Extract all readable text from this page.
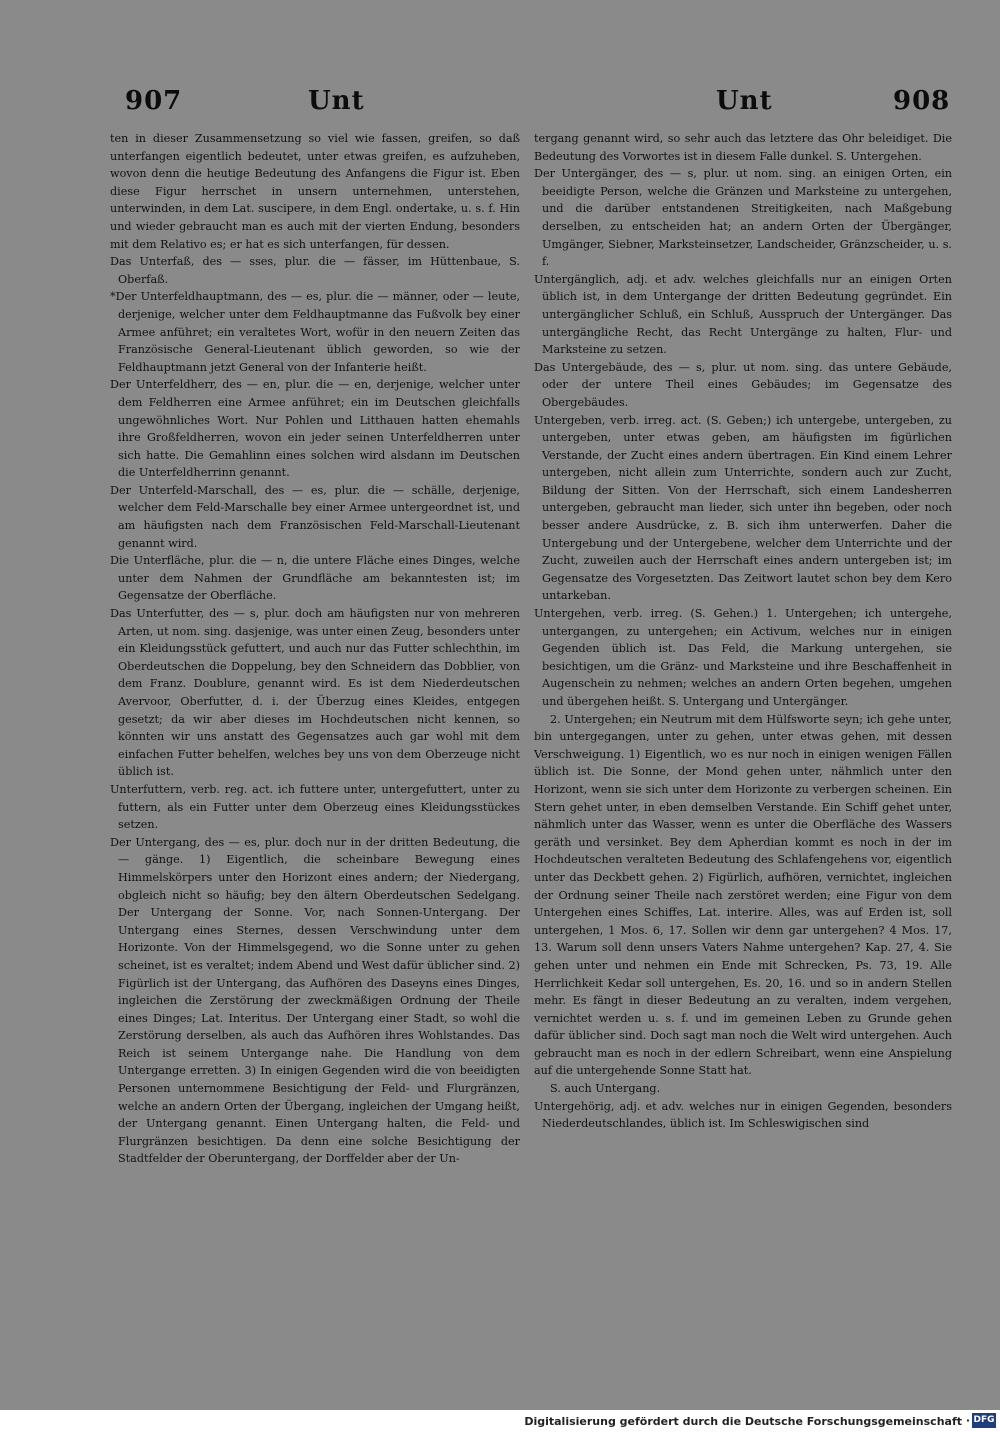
907	Unt	Unt	908

ten in dieser Zusammensetzung so viel wie fassen, greifen, so daß unterfangen eigentlich bedeutet, unter etwas greifen, es aufzuheben, wovon denn die heutige Bedeutung des Anfangens die Figur ist. Eben diese Figur herrschet in unsern unternehmen, unterstehen, unterwinden, in dem Lat. suscipere, in dem Engl. ondertake, u. s. f. Hin und wieder gebraucht man es auch mit der vierten Endung, besonders mit dem Relativo es; er hat es sich unterfangen, für dessen.

Das Unterfaß, des — sses, plur. die — fässer, im Hüttenbaue, S. Oberfaß.

*Der Unterfeldhauptmann, des — es, plur. die — männer, oder — leute, derjenige, welcher unter dem Feldhauptmanne das Fußvolk bey einer Armee anführet; ein veraltetes Wort, wofür in den neuern Zeiten das Französische General-Lieutenant üblich geworden, so wie der Feldhauptmann jetzt General von der Infanterie heißt.

Der Unterfeldherr, des — en, plur. die — en, derjenige, welcher unter dem Feldherren eine Armee anführet; ein im Deutschen gleichfalls ungewöhnliches Wort. Nur Pohlen und Litthauen hatten ehemahls ihre Großfeldherren, wovon ein jeder seinen Unterfeldherren unter sich hatte. Die Gemahlinn eines solchen wird alsdann im Deutschen die Unterfeldherrinn genannt.

Der Unterfeld-Marschall, des — es, plur. die — schälle, derjenige, welcher dem Feld-Marschalle bey einer Armee untergeordnet ist, und am häufigsten nach dem Französischen Feld-Marschall-Lieutenant genannt wird.

Die Unterfläche, plur. die — n, die untere Fläche eines Dinges, welche unter dem Nahmen der Grundfläche am bekanntesten ist; im Gegensatze der Oberfläche.

Das Unterfutter, des — s, plur. doch am häufigsten nur von mehreren Arten, ut nom. sing. dasjenige, was unter einen Zeug, besonders unter ein Kleidungsstück gefuttert, und auch nur das Futter schlechthin, im Oberdeutschen die Doppelung, bey den Schneidern das Dobblier, von dem Franz. Doublure, genannt wird. Es ist dem Niederdeutschen Avervoor, Oberfutter, d. i. der Überzug eines Kleides, entgegen gesetzt; da wir aber dieses im Hochdeutschen nicht kennen, so könnten wir uns anstatt des Gegensatzes auch gar wohl mit dem einfachen Futter behelfen, welches bey uns von dem Oberzeuge nicht üblich ist.

Unterfuttern, verb. reg. act. ich futtere unter, untergefuttert, unter zu futtern, als ein Futter unter dem Oberzeug eines Kleidungsstückes setzen.

Der Untergang, des — es, plur. doch nur in der dritten Bedeutung, die — gänge. 1) Eigentlich, die scheinbare Bewegung eines Himmelskörpers unter den Horizont eines andern; der Niedergang, obgleich nicht so häufig; bey den ältern Oberdeutschen Sedelgang. Der Untergang der Sonne. Vor, nach Sonnen-Untergang. Der Untergang eines Sternes, dessen Verschwindung unter dem Horizonte. Von der Himmelsgegend, wo die Sonne unter zu gehen scheinet, ist es veraltet; indem Abend und West dafür üblicher sind. 2) Figürlich ist der Untergang, das Aufhören des Daseyns eines Dinges, ingleichen die Zerstörung der zweckmäßigen Ordnung der Theile eines Dinges; Lat. Interitus. Der Untergang einer Stadt, so wohl die Zerstörung derselben, als auch das Aufhören ihres Wohlstandes. Das Reich ist seinem Untergange nahe. Die Handlung von dem Untergange erretten. 3) In einigen Gegenden wird die von beeidigten Personen unternommene Besichtigung der Feld- und Flurgränzen, welche an andern Orten der Übergang, ingleichen der Umgang heißt, der Untergang genannt. Einen Untergang halten, die Feld- und Flurgränzen besichtigen. Da denn eine solche Besichtigung der Stadtfelder der Oberuntergang, der Dorffelder aber der Un-

tergang genannt wird, so sehr auch das letztere das Ohr beleidiget. Die Bedeutung des Vorwortes ist in diesem Falle dunkel. S. Untergehen.

Der Untergänger, des — s, plur. ut nom. sing. an einigen Orten, ein beeidigte Person, welche die Gränzen und Marksteine zu untergehen, und die darüber entstandenen Streitigkeiten, nach Maßgebung derselben, zu entscheiden hat; an andern Orten der Übergänger, Umgänger, Siebner, Marksteinsetzer, Landscheider, Gränzscheider, u. s. f.

Untergänglich, adj. et adv. welches gleichfalls nur an einigen Orten üblich ist, in dem Untergange der dritten Bedeutung gegründet. Ein untergänglicher Schluß, ein Schluß, Ausspruch der Untergänger. Das untergängliche Recht, das Recht Untergänge zu halten, Flur- und Marksteine zu setzen.

Das Untergebäude, des — s, plur. ut nom. sing. das untere Gebäude, oder der untere Theil eines Gebäudes; im Gegensatze des Obergebäudes.

Untergeben, verb. irreg. act. (S. Geben;) ich untergebe, untergeben, zu untergeben, unter etwas geben, am häufigsten im figürlichen Verstande, der Zucht eines andern übertragen. Ein Kind einem Lehrer untergeben, nicht allein zum Unterrichte, sondern auch zur Zucht, Bildung der Sitten. Von der Herrschaft, sich einem Landesherren untergeben, gebraucht man lieder, sich unter ihn begeben, oder noch besser andere Ausdrücke, z. B. sich ihm unterwerfen. Daher die Untergebung und der Untergebene, welcher dem Unterrichte und der Zucht, zuweilen auch der Herrschaft eines andern untergeben ist; im Gegensatze des Vorgesetzten. Das Zeitwort lautet schon bey dem Kero untarkeban.

Untergehen, verb. irreg. (S. Gehen.) 1. Untergehen; ich untergehe, untergangen, zu untergehen; ein Activum, welches nur in einigen Gegenden üblich ist. Das Feld, die Markung untergehen, sie besichtigen, um die Gränz- und Marksteine und ihre Beschaffenheit in Augenschein zu nehmen; welches an andern Orten begehen, umgehen und übergehen heißt. S. Untergang und Untergänger.

2. Untergehen; ein Neutrum mit dem Hülfsworte seyn; ich gehe unter, bin untergegangen, unter zu gehen, unter etwas gehen, mit dessen Verschweigung. 1) Eigentlich, wo es nur noch in einigen wenigen Fällen üblich ist. Die Sonne, der Mond gehen unter, nähmlich unter den Horizont, wenn sie sich unter dem Horizonte zu verbergen scheinen. Ein Stern gehet unter, in eben demselben Verstande. Ein Schiff gehet unter, nähmlich unter das Wasser, wenn es unter die Oberfläche des Wassers geräth und versinket. Bey dem Apherdian kommt es noch in der im Hochdeutschen veralteten Bedeutung des Schlafengehens vor, eigentlich unter das Deckbett gehen. 2) Figürlich, aufhören, vernichtet, ingleichen der Ordnung seiner Theile nach zerstöret werden; eine Figur von dem Untergehen eines Schiffes, Lat. interire. Alles, was auf Erden ist, soll untergehen, 1 Mos. 6, 17. Sollen wir denn gar untergehen? 4 Mos. 17, 13. Warum soll denn unsers Vaters Nahme untergehen? Kap. 27, 4. Sie gehen unter und nehmen ein Ende mit Schrecken, Ps. 73, 19. Alle Herrlichkeit Kedar soll untergehen, Es. 20, 16. und so in andern Stellen mehr. Es fängt in dieser Bedeutung an zu veralten, indem vergehen, vernichtet werden u. s. f. und im gemeinen Leben zu Grunde gehen dafür üblicher sind. Doch sagt man noch die Welt wird untergehen. Auch gebraucht man es noch in der edlern Schreibart, wenn eine Anspielung auf die untergehende Sonne Statt hat.

S. auch Untergang.

Untergehörig, adj. et adv. welches nur in einigen Gegenden, besonders Niederdeutschlandes, üblich ist. Im Schleswigischen sind

Digitalisierung gefördert durch die Deutsche Forschungsgemeinschaft · DFG
